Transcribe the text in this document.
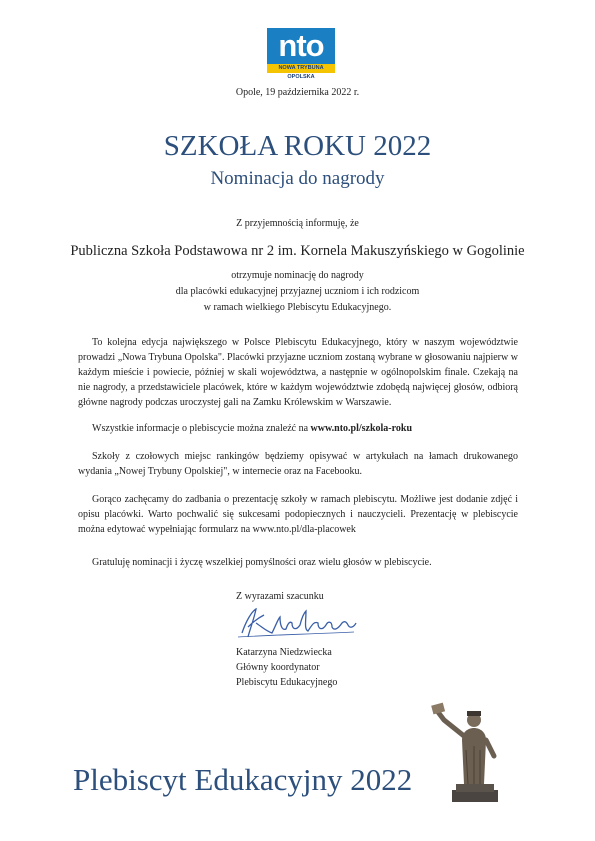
nto
NOWA TRYBUNA OPOLSKA
Opole, 19 października 2022 r.
SZKOŁA ROKU 2022
Nominacja do nagrody
Z przyjemnością informuję, że
Publiczna Szkoła Podstawowa nr 2 im. Kornela Makuszyńskiego w Gogolinie
otrzymuje nominację do nagrody
dla placówki edukacyjnej przyjaznej uczniom i ich rodzicom
w ramach wielkiego Plebiscytu Edukacyjnego.
To kolejna edycja największego w Polsce Plebiscytu Edukacyjnego, który w naszym województwie prowadzi „Nowa Trybuna Opolska". Placówki przyjazne uczniom zostaną wybrane w głosowaniu najpierw w każdym mieście i powiecie, później w skali województwa, a następnie w ogólnopolskim finale. Czekają na nie nagrody, a przedstawiciele placówek, które w każdym województwie zdobędą najwięcej głosów, odbiorą główne nagrody podczas uroczystej gali na Zamku Królewskim w Warszawie.
Wszystkie informacje o plebiscycie można znaleźć na www.nto.pl/szkola-roku
Szkoły z czołowych miejsc rankingów będziemy opisywać w artykułach na łamach drukowanego wydania „Nowej Trybuny Opolskiej", w internecie oraz na Facebooku.
Gorąco zachęcamy do zadbania o prezentację szkoły w ramach plebiscytu. Możliwe jest dodanie zdjęć i opisu placówki. Warto pochwalić się sukcesami podopiecznych i nauczycieli. Prezentację w plebiscycie można edytować wypełniając formularz na www.nto.pl/dla-placowek
Gratuluję nominacji i życzę wszelkiej pomyślności oraz wielu głosów w plebiscycie.
Z wyrazami szacunku
Katarzyna Niedzwiecka
Główny koordynator
Plebiscytu Edukacyjnego
Plebiscyt Edukacyjny 2022
